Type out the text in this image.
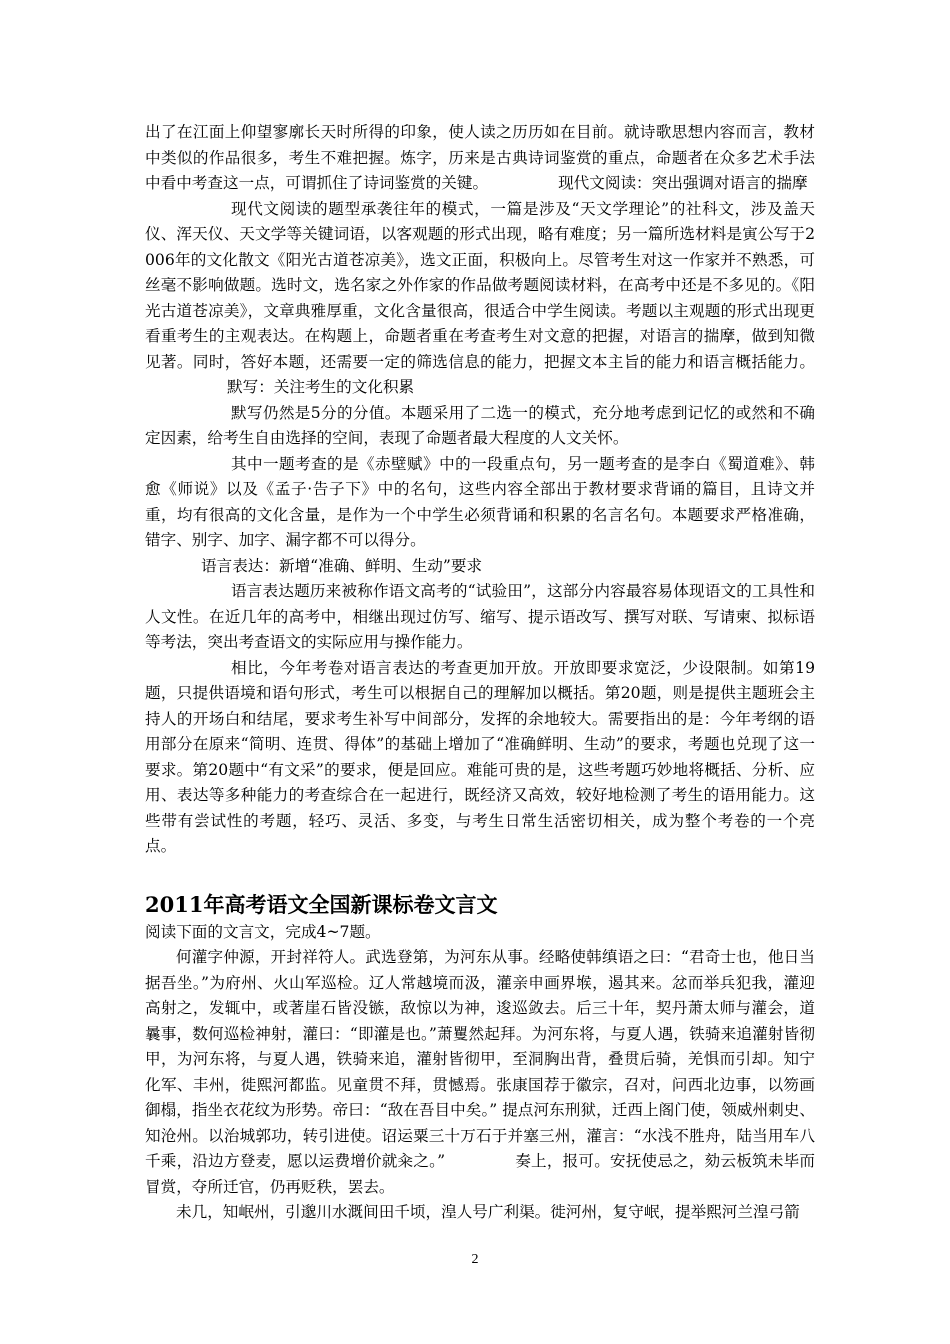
出了在江面上仰望寥廓长天时所得的印象，使人读之历历如在目前。就诗歌思想内容而言，教材中类似的作品很多，考生不难把握。炼字，历来是古典诗词鉴赏的重点，命题者在众多艺术手法中看中考查这一点，可谓抓住了诗词鉴赏的关键。	现代文阅读：突出强调对语言的揣摩

现代文阅读的题型承袭往年的模式，一篇是涉及“天文学理论”的社科文，涉及盖天仪、浑天仪、天文学等关键词语，以客观题的形式出现，略有难度；另一篇所选材料是寅公写于2006年的文化散文《阳光古道苍凉美》，选文正面，积极向上。尽管考生对这一作家并不熟悉，可丝毫不影响做题。选时文，选名家之外作家的作品做考题阅读材料，在高考中还是不多见的。《阳光古道苍凉美》，文章典雅厚重，文化含量很高，很适合中学生阅读。考题以主观题的形式出现更看重考生的主观表达。在构题上，命题者重在考查考生对文意的把握，对语言的揣摩，做到知微见著。同时，答好本题，还需要一定的筛选信息的能力，把握文本主旨的能力和语言概括能力。默写：关注考生的文化积累

默写仍然是5分的分值。本题采用了二选一的模式，充分地考虑到记忆的或然和不确定因素，给考生自由选择的空间，表现了命题者最大程度的人文关怀。

其中一题考查的是《赤壁赋》中的一段重点句，另一题考查的是李白《蜀道难》、韩愈《师说》以及《孟子·告子下》中的名句，这些内容全部出于教材要求背诵的篇目，且诗文并重，均有很高的文化含量，是作为一个中学生必须背诵和积累的名言名句。本题要求严格准确，错字、别字、加字、漏字都不可以得分。

语言表达：新增“准确、鲜明、生动”要求

语言表达题历来被称作语文高考的“试验田”，这部分内容最容易体现语文的工具性和人文性。在近几年的高考中，相继出现过仿写、缩写、提示语改写、撰写对联、写请柬、拟标语等考法，突出考查语文的实际应用与操作能力。

相比，今年考卷对语言表达的考查更加开放。开放即要求宽泛，少设限制。如第19题，只提供语境和语句形式，考生可以根据自己的理解加以概括。第20题，则是提供主题班会主持人的开场白和结尾，要求考生补写中间部分，发挥的余地较大。需要指出的是：今年考纲的语用部分在原来“简明、连贯、得体”的基础上增加了“准确鲜明、生动”的要求，考题也兑现了这一要求。第20题中“有文采”的要求，便是回应。难能可贵的是，这些考题巧妙地将概括、分析、应用、表达等多种能力的考查综合在一起进行，既经济又高效，较好地检测了考生的语用能力。这些带有尝试性的考题，轻巧、灵活、多变，与考生日常生活密切相关，成为整个考卷的一个亮点。

2011年高考语文全国新课标卷文言文

阅读下面的文言文，完成4~7题。

何灌字仲源，开封祥符人。武选登第，为河东从事。经略使韩缜语之曰：“君奇士也，他日当据吾坐。”为府州、火山军巡检。辽人常越境而汲，灌亲申画界堠，遏其来。忿而举兵犯我，灌迎高射之，发辄中，或著崖石皆没镞，敌惊以为神，逡巡敛去。后三十年，契丹萧太师与灌会，道曩事，数何巡检神射，灌曰：“即灌是也。”萧矍然起拜。为河东将，与夏人遇，铁骑来追灌射皆彻甲，为河东将，与夏人遇，铁骑来追，灌射皆彻甲，至洞胸出背，叠贯后骑，羌惧而引却。知宁化军、丰州，徙熙河都监。见童贯不拜，贯憾焉。张康国荐于徽宗，召对，问西北边事，以笏画御榻，指坐衣花纹为形势。帝曰：“敌在吾目中矣。” 提点河东刑狱，迁西上阁门使，领威州刺史、知沧州。以治城郭功，转引进使。诏运粟三十万石于并塞三州，灌言：“水浅不胜舟，陆当用车八千乘，沿边方登麦，愿以运费增价就籴之。”	奏上，报可。安抚使忌之，劾云板筑未毕而冒赏，夺所迁官，仍再贬秩，罢去。

未几，知岷州，引邈川水溉间田千顷，湟人号广利渠。徙河州，复守岷，提举熙河兰湟弓箭

2
